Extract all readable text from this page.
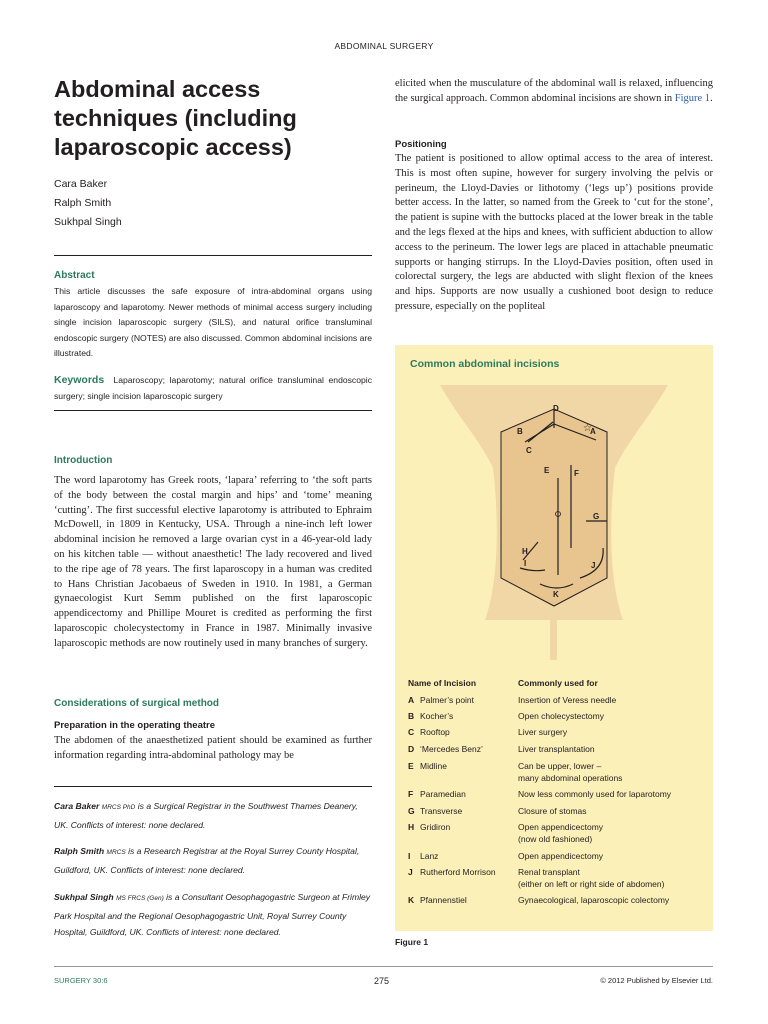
ABDOMINAL SURGERY
Abdominal access techniques (including laparoscopic access)
Cara Baker
Ralph Smith
Sukhpal Singh
Abstract
This article discusses the safe exposure of intra-abdominal organs using laparoscopy and laparotomy. Newer methods of minimal access surgery including single incision laparoscopic surgery (SILS), and natural orifice transluminal endoscopic surgery (NOTES) are also discussed. Common abdominal incisions are illustrated.
Keywords Laparoscopy; laparotomy; natural orifice transluminal endoscopic surgery; single incision laparoscopic surgery
Introduction
The word laparotomy has Greek roots, ‘lapara’ referring to ‘the soft parts of the body between the costal margin and hips’ and ‘tome’ meaning ‘cutting’. The first successful elective laparotomy is attributed to Ephraim McDowell, in 1809 in Kentucky, USA. Through a nine-inch left lower abdominal incision he removed a large ovarian cyst in a 46-year-old lady on his kitchen table — without anaesthetic! The lady recovered and lived to the ripe age of 78 years. The first laparoscopy in a human was credited to Hans Christian Jacobaeus of Sweden in 1910. In 1981, a German gynaecologist Kurt Semm published on the first laparoscopic appendicectomy and Phillipe Mouret is credited as performing the first laparoscopic cholecystectomy in France in 1987. Minimally invasive laparoscopic methods are now routinely used in many branches of surgery.
Considerations of surgical method
Preparation in the operating theatre
The abdomen of the anaesthetized patient should be examined as further information regarding intra-abdominal pathology may be
Cara Baker MRCS PhD is a Surgical Registrar in the Southwest Thames Deanery, UK. Conflicts of interest: none declared.
Ralph Smith MRCS is a Research Registrar at the Royal Surrey County Hospital, Guildford, UK. Conflicts of interest: none declared.
Sukhpal Singh MS FRCS (Gen) is a Consultant Oesophagogastric Surgeon at Frimley Park Hospital and the Regional Oesophagogastric Unit, Royal Surrey County Hospital, Guildford, UK. Conflicts of interest: none declared.
elicited when the musculature of the abdominal wall is relaxed, influencing the surgical approach. Common abdominal incisions are shown in Figure 1.
Positioning
The patient is positioned to allow optimal access to the area of interest. This is most often supine, however for surgery involving the pelvis or perineum, the Lloyd-Davies or lithotomy (‘legs up’) positions provide better access. In the latter, so named from the Greek to ‘cut for the stone’, the patient is supine with the buttocks placed at the lower break in the table and the legs flexed at the hips and knees, with sufficient abduction to allow access to the perineum. The lower legs are placed in attachable pneumatic supports or hanging stirrups. In the Lloyd-Davies position, often used in colorectal surgery, the legs are abducted with slight flexion of the knees and hips. Supports are now usually a cushioned boot design to reduce pressure, especially on the popliteal
Common abdominal incisions
☆
A
B
C
D
E	F
G
H
I	J
K
Name of Incision	Commonly used for
A Palmer’s point	Insertion of Veress needle
B Kocher’s	Open cholecystectomy
C Rooftop	Liver surgery
D ‘Mercedes Benz’	Liver transplantation
E Midline	Can be upper, lower –
many abdominal operations
F Paramedian	Now less commonly used for laparotomy
G Transverse	Closure of stomas
H Gridiron	Open appendicectomy
(now old fashioned)
I Lanz	Open appendicectomy
J Rutherford Morrison	Renal transplant
(either on left or right side of abdomen)
K Pfannenstiel	Gynaecological, laparoscopic colectomy
Figure 1
SURGERY 30:6	275	© 2012 Published by Elsevier Ltd.
